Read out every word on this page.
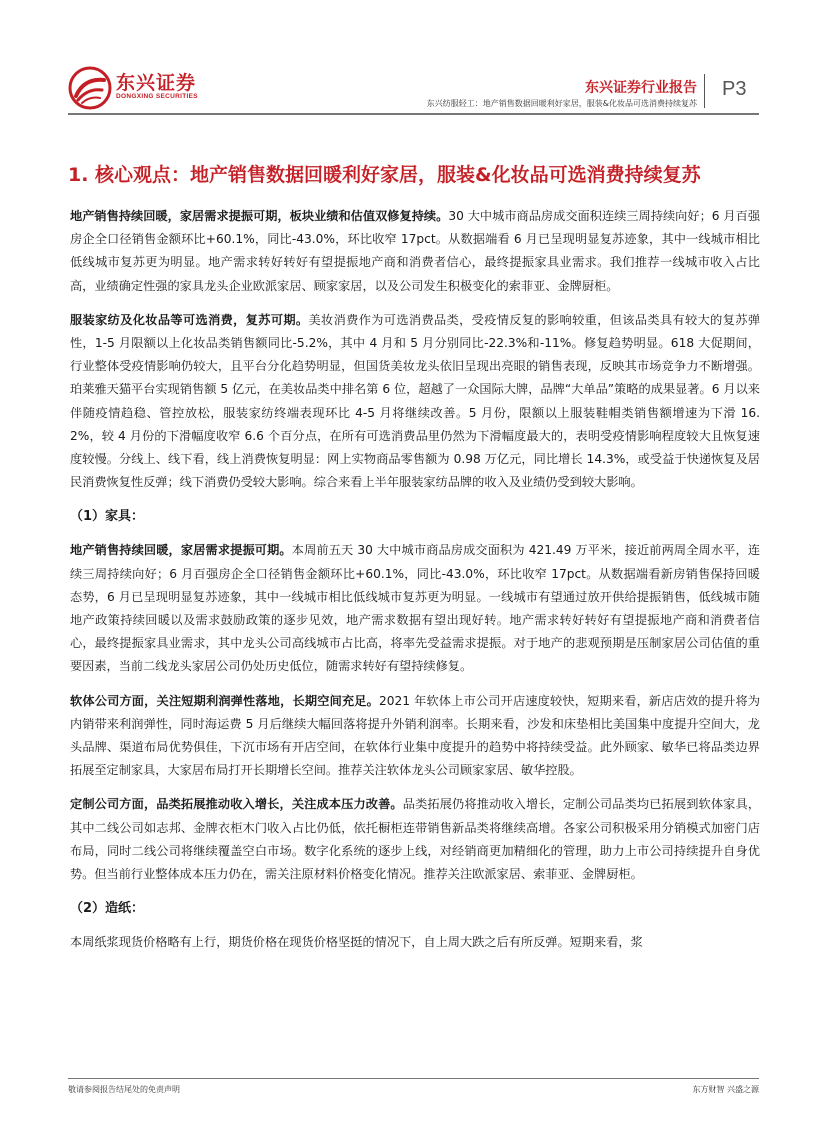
东兴证券
DONGXING SECURITIES
东兴证券行业报告
东兴纺服轻工：地产销售数据回暖利好家居，服装&化妆品可选消费持续复苏
P3
1. 核心观点：地产销售数据回暖利好家居，服装&化妆品可选消费持续复苏

地产销售持续回暖，家居需求提振可期，板块业绩和估值双修复持续。30 大中城市商品房成交面积连续三周持续向好；6 月百强房企全口径销售金额环比+60.1%，同比-43.0%，环比收窄 17pct。从数据端看 6 月已呈现明显复苏迹象，其中一线城市相比低线城市复苏更为明显。地产需求转好转好有望提振地产商和消费者信心，最终提振家具业需求。我们推荐一线城市收入占比高，业绩确定性强的家具龙头企业欧派家居、顾家家居，以及公司发生积极变化的索菲亚、金牌厨柜。

服装家纺及化妆品等可选消费，复苏可期。美妆消费作为可选消费品类，受疫情反复的影响较重，但该品类具有较大的复苏弹性，1-5 月限额以上化妆品类销售额同比-5.2%，其中 4 月和 5 月分别同比-22.3%和-11%。修复趋势明显。618 大促期间，行业整体受疫情影响仍较大，且平台分化趋势明显，但国货美妆龙头依旧呈现出亮眼的销售表现，反映其市场竞争力不断增强。珀莱雅天猫平台实现销售额 5 亿元，在美妆品类中排名第 6 位，超越了一众国际大牌，品牌“大单品”策略的成果显著。6 月以来伴随疫情趋稳、管控放松，服装家纺终端表现环比 4-5 月将继续改善。5 月份，限额以上服装鞋帽类销售额增速为下滑 16.2%，较 4 月份的下滑幅度收窄 6.6 个百分点，在所有可选消费品里仍然为下滑幅度最大的，表明受疫情影响程度较大且恢复速度较慢。分线上、线下看，线上消费恢复明显：网上实物商品零售额为 0.98 万亿元，同比增长 14.3%，或受益于快递恢复及居民消费恢复性反弹；线下消费仍受较大影响。综合来看上半年服装家纺品牌的收入及业绩仍受到较大影响。

（1）家具：

地产销售持续回暖，家居需求提振可期。本周前五天 30 大中城市商品房成交面积为 421.49 万平米，接近前两周全周水平，连续三周持续向好；6 月百强房企全口径销售金额环比+60.1%，同比-43.0%，环比收窄 17pct。从数据端看新房销售保持回暖态势，6 月已呈现明显复苏迹象，其中一线城市相比低线城市复苏更为明显。一线城市有望通过放开供给提振销售，低线城市随地产政策持续回暖以及需求鼓励政策的逐步见效，地产需求数据有望出现好转。地产需求转好转好有望提振地产商和消费者信心，最终提振家具业需求，其中龙头公司高线城市占比高，将率先受益需求提振。对于地产的悲观预期是压制家居公司估值的重要因素，当前二线龙头家居公司仍处历史低位，随需求转好有望持续修复。

软体公司方面，关注短期利润弹性落地，长期空间充足。2021 年软体上市公司开店速度较快，短期来看，新店店效的提升将为内销带来利润弹性，同时海运费 5 月后继续大幅回落将提升外销利润率。长期来看，沙发和床垫相比美国集中度提升空间大，龙头品牌、渠道布局优势俱佳，下沉市场有开店空间，在软体行业集中度提升的趋势中将持续受益。此外顾家、敏华已将品类边界拓展至定制家具，大家居布局打开长期增长空间。推荐关注软体龙头公司顾家家居、敏华控股。

定制公司方面，品类拓展推动收入增长，关注成本压力改善。品类拓展仍将推动收入增长，定制公司品类均已拓展到软体家具，其中二线公司如志邦、金牌衣柜木门收入占比仍低，依托橱柜连带销售新品类将继续高增。各家公司积极采用分销模式加密门店布局，同时二线公司将继续覆盖空白市场。数字化系统的逐步上线，对经销商更加精细化的管理，助力上市公司持续提升自身优势。但当前行业整体成本压力仍在，需关注原材料价格变化情况。推荐关注欧派家居、索菲亚、金牌厨柜。

（2）造纸：

本周纸浆现货价格略有上行，期货价格在现货价格坚挺的情况下，自上周大跌之后有所反弹。短期来看，浆

敬请参阅报告结尾处的免责声明	东方财智 兴盛之源
